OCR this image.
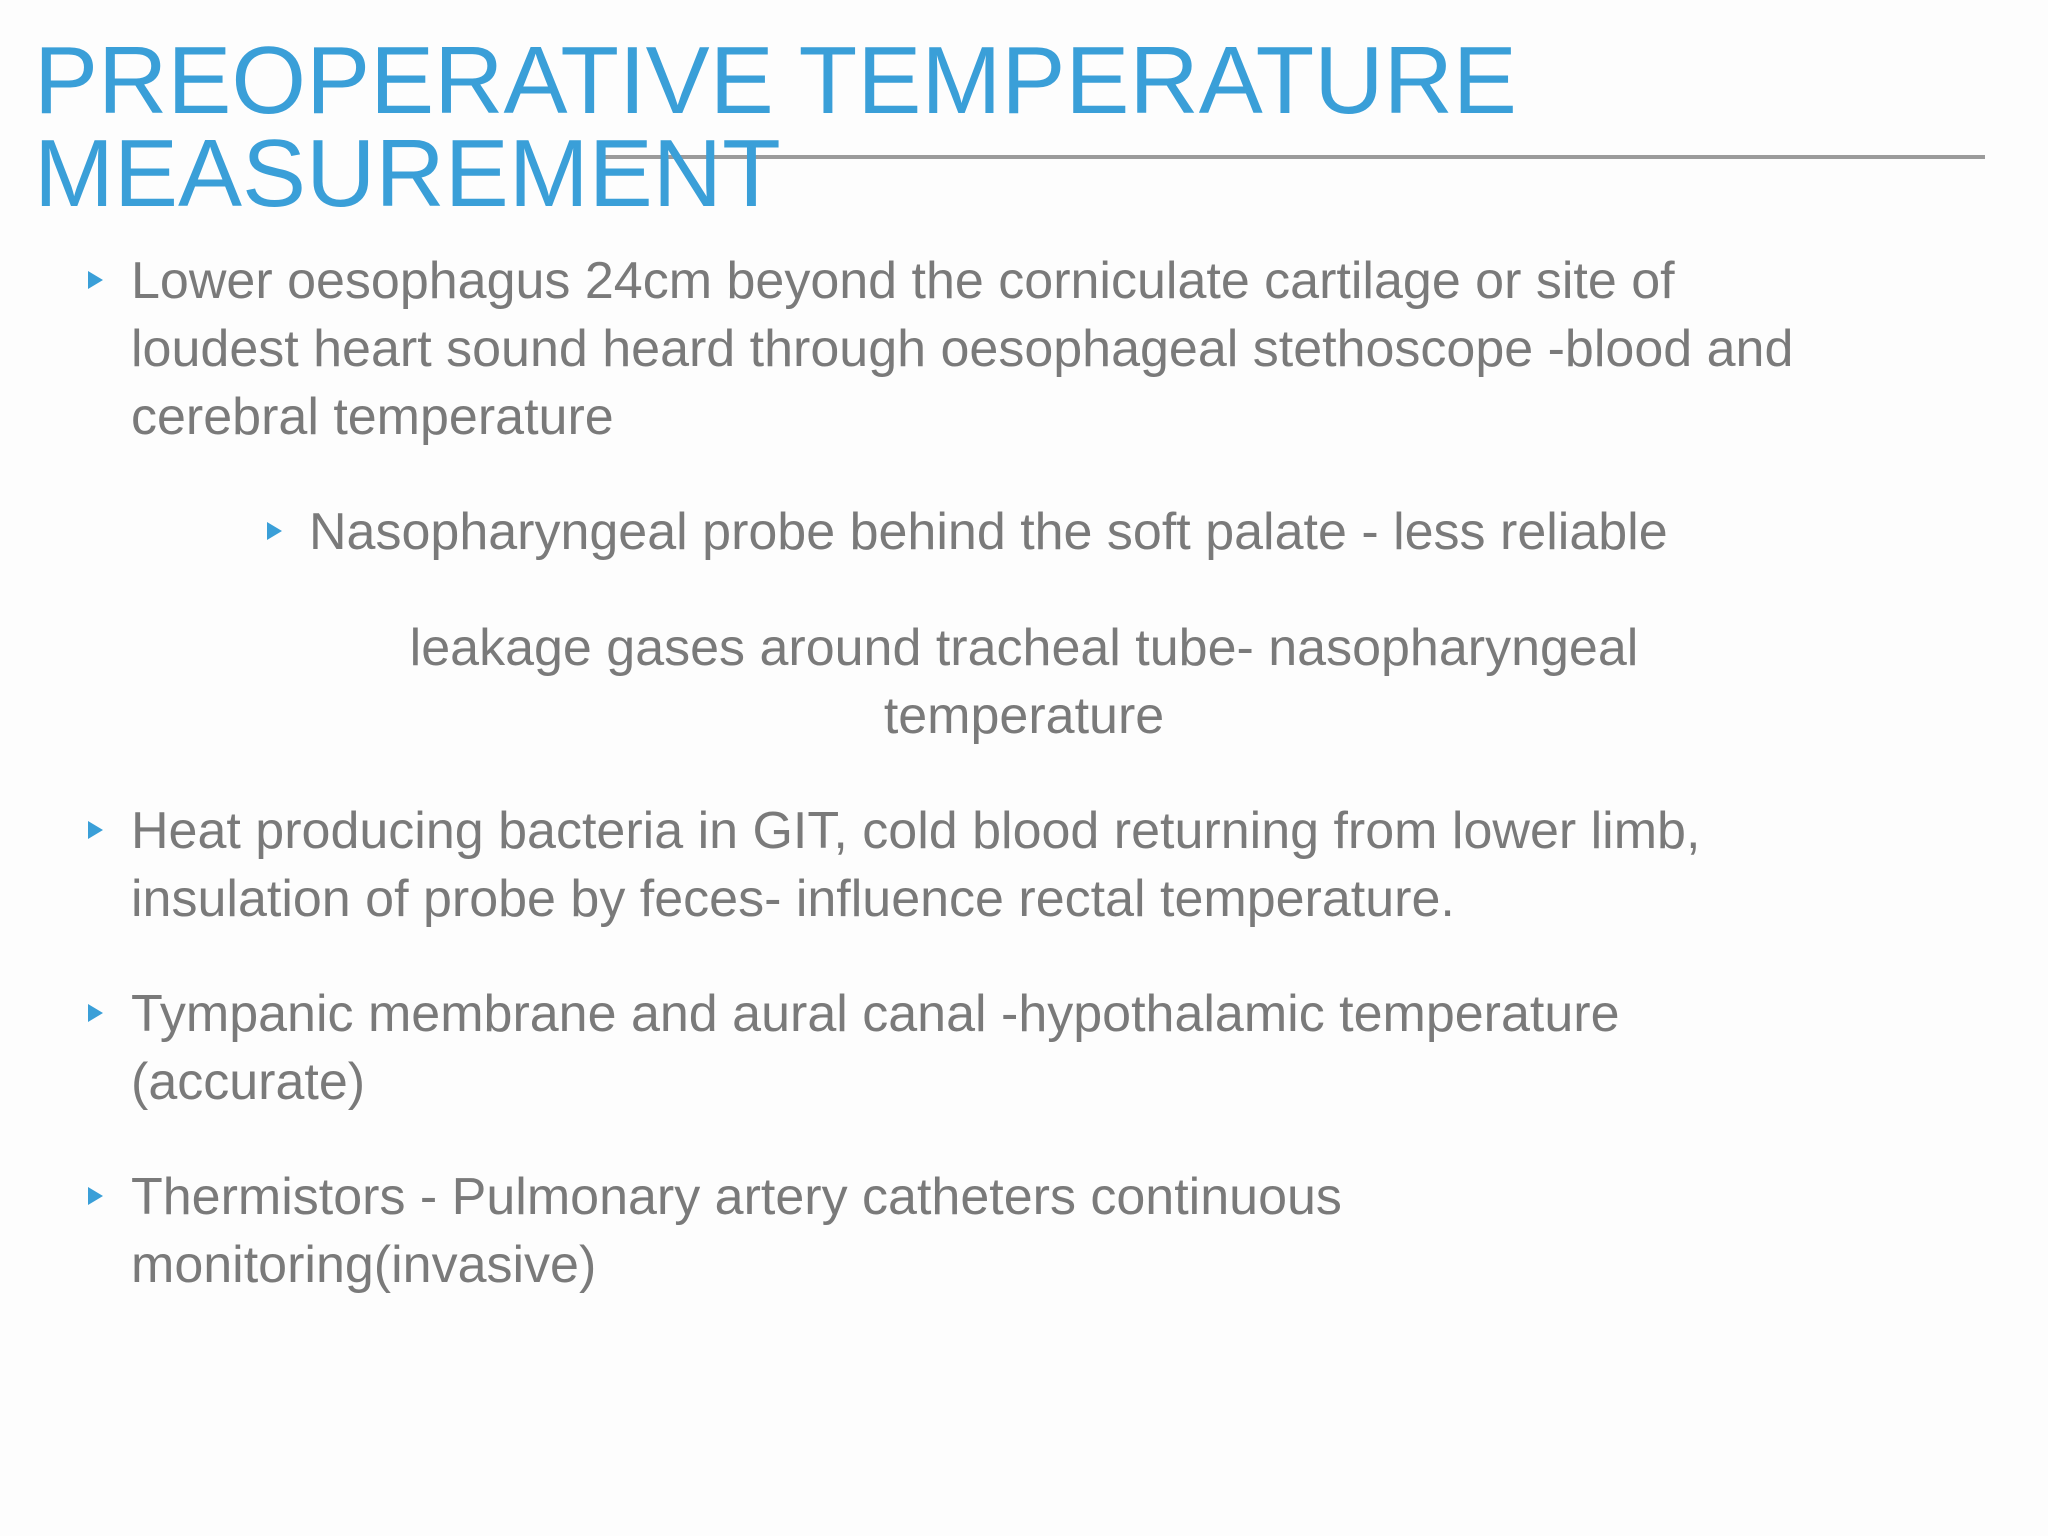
PREOPERATIVE TEMPERATURE
MEASUREMENT

Lower oesophagus 24cm beyond the corniculate cartilage or site of
loudest heart sound heard through oesophageal stethoscope -blood and
cerebral temperature

Nasopharyngeal probe behind the soft palate - less reliable

leakage gases around tracheal tube- nasopharyngeal
temperature

Heat producing bacteria in GIT, cold blood returning from lower limb,
insulation of probe by feces- influence rectal temperature.

Tympanic membrane and aural canal -hypothalamic temperature
(accurate)

Thermistors - Pulmonary artery catheters continuous
monitoring(invasive)
